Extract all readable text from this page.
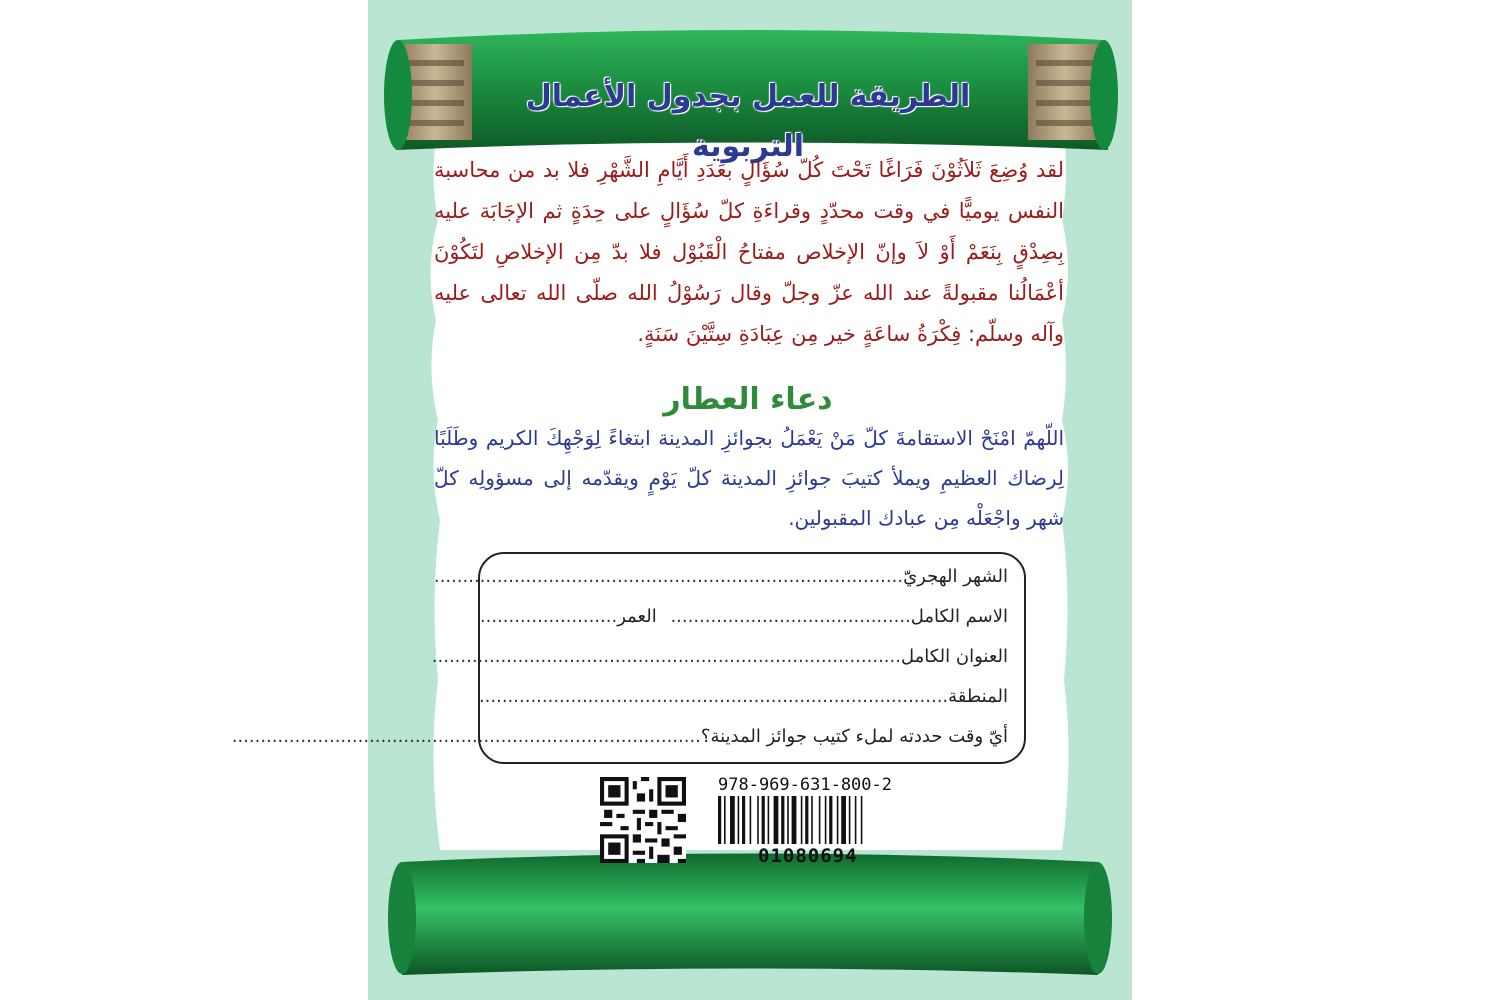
الطريقة للعمل بجدول الأعمال التربوية
لقد وُضِعَ ثَلاَثُوْنَ فَرَاغًا تَحْتَ كُلّ سُؤَالٍ بعَدَدِ أَيَّامِ الشَّهْرِ فلا بد من محاسبة النفس يوميًّا في وقت محدّدٍ وقراءَةِ كلّ سُؤَالٍ على حِدَةٍ ثم الإجَابَة عليه بِصِدْقٍ بِنَعَمْ أَوْ لاَ وإنّ الإخلاص مفتاحُ الْقَبُوْل فلا بدّ مِن الإخلاصِ لتَكُوْنَ أعْمَالُنا مقبولةً عند الله عزّ وجلّ وقال رَسُوْلُ الله صلّى الله تعالى عليه وآله وسلّم: فِكْرَةُ ساعَةٍ خير مِن عِبَادَةِ سِتَّيْنَ سَنَةٍ.
دعاء العطار
اللّهمّ امْنَحْ الاستقامةَ كلّ مَنْ يَعْمَلُ بجوائزِ المدينة ابتغاءً لِوَجْهِكَ الكريم وطَلَبًا لِرضاك العظيمِ ويملأ كتيبَ جوائزِ المدينة كلّ يَوْمٍ ويقدّمه إلى مسؤولِه كلّ شهر واجْعَلْه مِن عبادك المقبولين.
الشهر الهجريّ..................................................................................
الاسم الكامل.......................................... العمر........................
العنوان الكامل..................................................................................
المنطقة..................................................................................
أيّ وقت حددته لملء كتيب جوائز المدينة؟..................................................................................
978-969-631-800-2
01080694
